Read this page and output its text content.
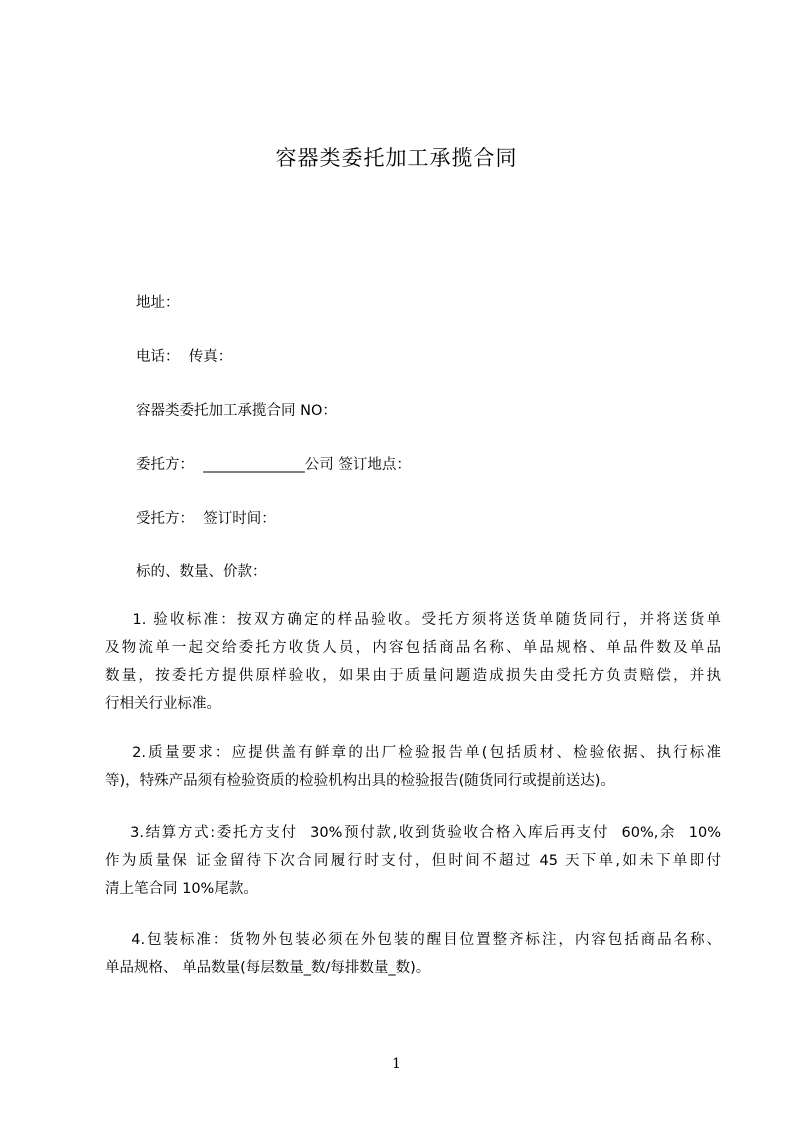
容器类委托加工承揽合同
地址：
电话：  传真：
容器类委托加工承揽合同 NO：
委托方：  ______________公司 签订地点：
受托方：  签订时间：
标的、数量、价款：
1. 验收标准：按双方确定的样品验收。受托方须将送货单随货同行，并将送货单
及物流单一起交给委托方收货人员，内容包括商品名称、单品规格、单品件数及单品
数量，按委托方提供原样验收，如果由于质量问题造成损失由受托方负责赔偿，并执
行相关行业标准。
2.质量要求：应提供盖有鲜章的出厂检验报告单(包括质材、检验依据、执行标准
等)，特殊产品须有检验资质的检验机构出具的检验报告(随货同行或提前送达)。
3.结算方式:委托方支付  30%预付款,收到货验收合格入库后再支付  60%,余  10%
作为质量保 证金留待下次合同履行时支付，但时间不超过 45 天下单,如未下单即付
清上笔合同 10%尾款。
4.包装标准：货物外包装必须在外包装的醒目位置整齐标注，内容包括商品名称、
单品规格、 单品数量(每层数量_数/每排数量_数)。
1
